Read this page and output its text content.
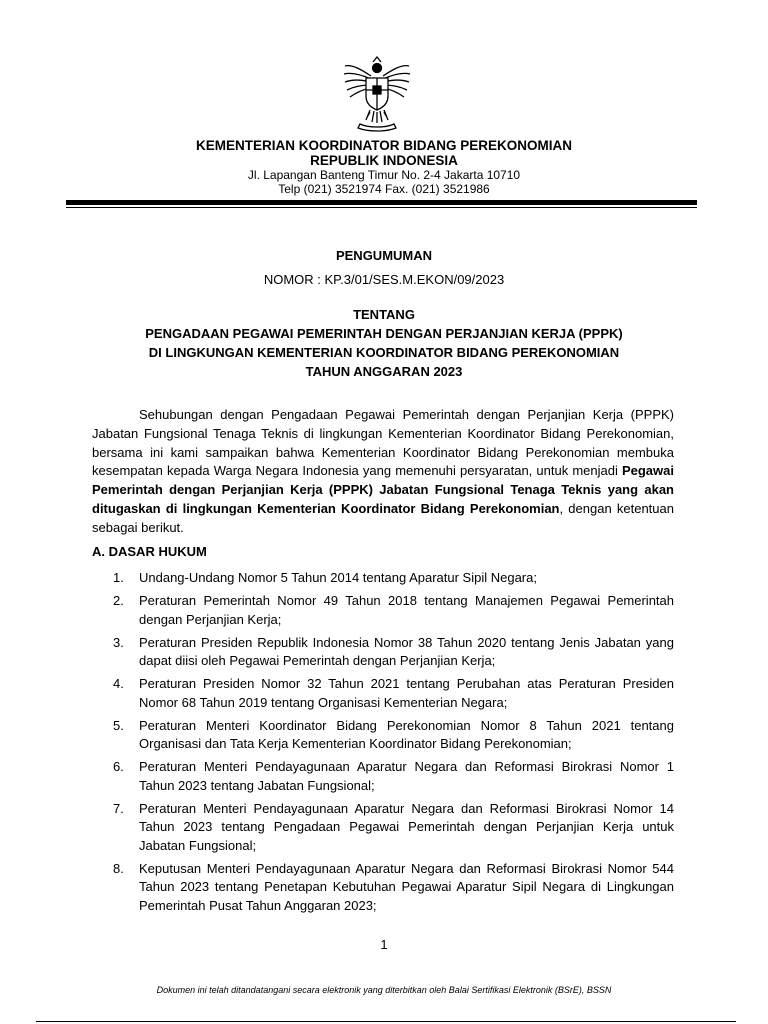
KEMENTERIAN KOORDINATOR BIDANG PEREKONOMIAN
REPUBLIK INDONESIA
Jl. Lapangan Banteng Timur No. 2-4 Jakarta 10710
Telp (021) 3521974 Fax. (021) 3521986
PENGUMUMAN
NOMOR : KP.3/01/SES.M.EKON/09/2023
TENTANG
PENGADAAN PEGAWAI PEMERINTAH DENGAN PERJANJIAN KERJA (PPPK)
DI LINGKUNGAN KEMENTERIAN KOORDINATOR BIDANG PEREKONOMIAN
TAHUN ANGGARAN 2023

Sehubungan dengan Pengadaan Pegawai Pemerintah dengan Perjanjian Kerja (PPPK) Jabatan Fungsional Tenaga Teknis di lingkungan Kementerian Koordinator Bidang Perekonomian, bersama ini kami sampaikan bahwa Kementerian Koordinator Bidang Perekonomian membuka kesempatan kepada Warga Negara Indonesia yang memenuhi persyaratan, untuk menjadi Pegawai Pemerintah dengan Perjanjian Kerja (PPPK) Jabatan Fungsional Tenaga Teknis yang akan ditugaskan di lingkungan Kementerian Koordinator Bidang Perekonomian, dengan ketentuan sebagai berikut.

A. DASAR HUKUM
1. Undang-Undang Nomor 5 Tahun 2014 tentang Aparatur Sipil Negara;
2. Peraturan Pemerintah Nomor 49 Tahun 2018 tentang Manajemen Pegawai Pemerintah dengan Perjanjian Kerja;
3. Peraturan Presiden Republik Indonesia Nomor 38 Tahun 2020 tentang Jenis Jabatan yang dapat diisi oleh Pegawai Pemerintah dengan Perjanjian Kerja;
4. Peraturan Presiden Nomor 32 Tahun 2021 tentang Perubahan atas Peraturan Presiden Nomor 68 Tahun 2019 tentang Organisasi Kementerian Negara;
5. Peraturan Menteri Koordinator Bidang Perekonomian Nomor 8 Tahun 2021 tentang Organisasi dan Tata Kerja Kementerian Koordinator Bidang Perekonomian;
6. Peraturan Menteri Pendayagunaan Aparatur Negara dan Reformasi Birokrasi Nomor 1 Tahun 2023 tentang Jabatan Fungsional;
7. Peraturan Menteri Pendayagunaan Aparatur Negara dan Reformasi Birokrasi Nomor 14 Tahun 2023 tentang Pengadaan Pegawai Pemerintah dengan Perjanjian Kerja untuk Jabatan Fungsional;
8. Keputusan Menteri Pendayagunaan Aparatur Negara dan Reformasi Birokrasi Nomor 544 Tahun 2023 tentang Penetapan Kebutuhan Pegawai Aparatur Sipil Negara di Lingkungan Pemerintah Pusat Tahun Anggaran 2023;
1
Dokumen ini telah ditandatangani secara elektronik yang diterbitkan oleh Balai Sertifikasi Elektronik (BSrE), BSSN
